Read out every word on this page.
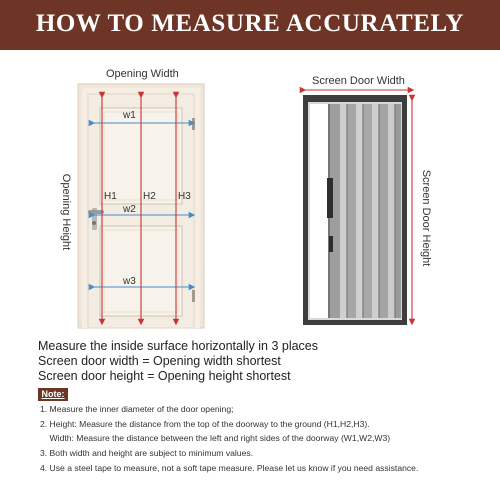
HOW TO MEASURE ACCURATELY
Opening Width
Opening Height
Screen Door Width
Screen Door Height
w1
w2
w3
H1	H2 H3
Measure the inside surface horizontally in 3 places
Screen door width = Opening width shortest
Screen door height = Opening height shortest
Note:
1. Measure the inner diameter of the door opening;
2. Height: Measure the distance from the top of the doorway to the ground (H1,H2,H3).
Width: Measure the distance between the left and right sides of the doorway (W1,W2,W3)
3. Both width and height are subject to minimum values.
4. Use a steel tape to measure, not a soft tape measure. Please let us know if you need assistance.
